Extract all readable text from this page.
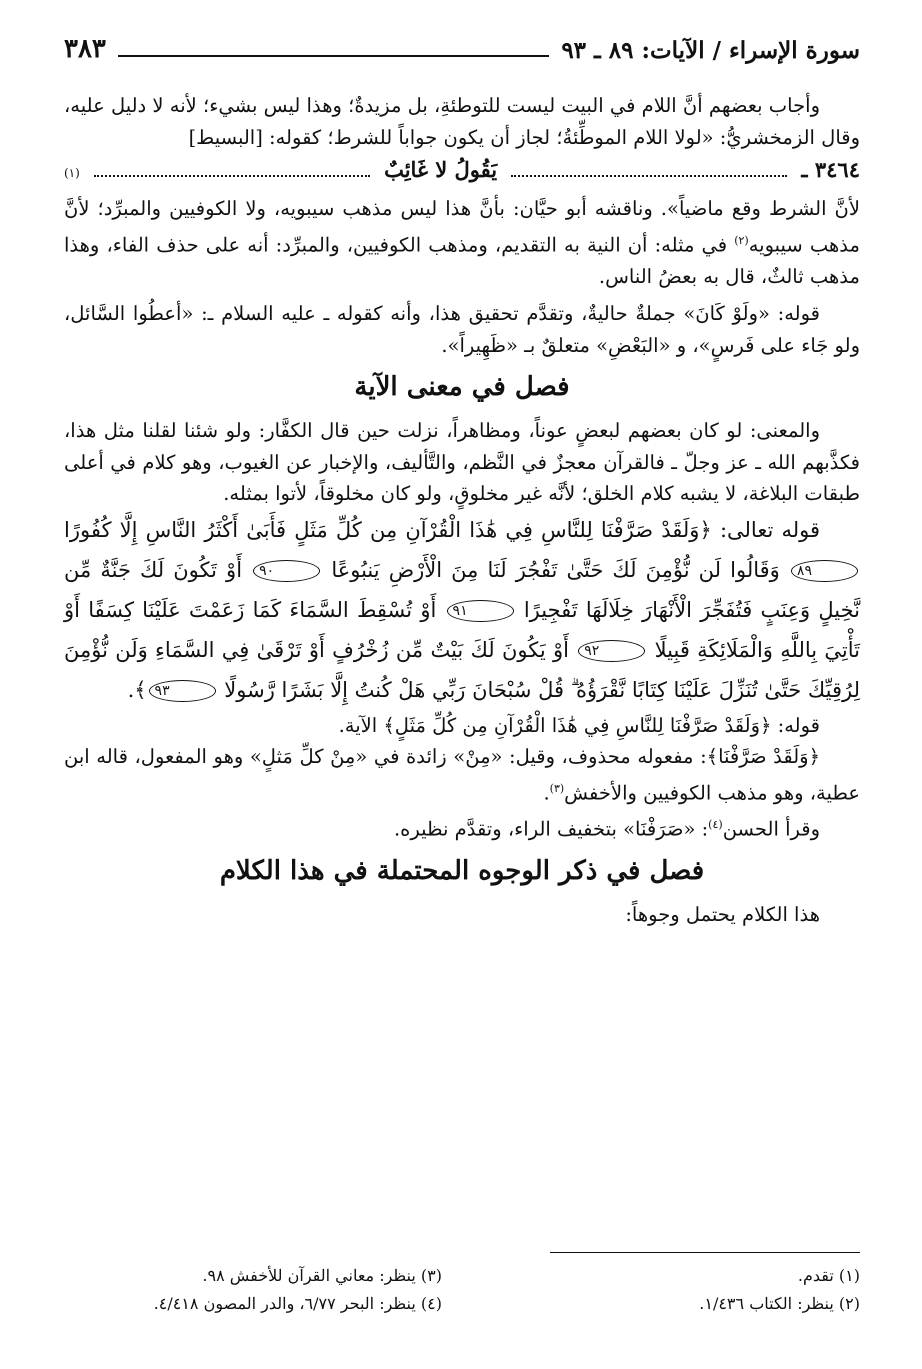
سورة الإسراء / الآيات: ٨٩ ـ ٩٣
٣٨٣

وأجاب بعضهم أنَّ اللام في البيت ليست للتوطئةِ، بل مزيدةٌ؛ وهذا ليس بشيء؛ لأنه لا دليل عليه، وقال الزمخشريُّ: «لولا اللام الموطِّئةُ؛ لجاز أن يكون جواباً للشرط؛ كقوله: [البسيط]

٣٤٦٤ ـ
يَقُولُ لا غَائِبٌ
(١)

لأنَّ الشرط وقع ماضياً». وناقشه أبو حيَّان: بأنَّ هذا ليس مذهب سيبويه، ولا الكوفيين والمبرِّد؛ لأنَّ مذهب سيبويه$^{(٢)}$ في مثله: أن النية به التقديم، ومذهب الكوفيين، والمبرِّد: أنه على حذف الفاء، وهذا مذهب ثالثٌ، قال به بعضُ الناس.

قوله: «ولَوْ كَانَ» جملةٌ حاليةٌ، وتقدَّم تحقيق هذا، وأنه كقوله ـ عليه السلام ـ: «أعطُوا السَّائل، ولو جَاء على فَرسٍ»، و «البَعْضِ» متعلقٌ بـ «ظَهِيراً».

فصل في معنى الآية

والمعنى: لو كان بعضهم لبعضٍ عوناً، ومظاهراً، نزلت حين قال الكفَّار: ولو شئنا لقلنا مثل هذا، فكذَّبهم الله ـ عز وجلّ ـ فالقرآن معجزٌ في النَّظم، والتَّأليف، والإخبار عن الغيوب، وهو كلام في أعلى طبقات البلاغة، لا يشبه كلام الخلق؛ لأنَّه غير مخلوقٍ، ولو كان مخلوقاً، لأتوا بمثله.

قوله تعالى: ﴿وَلَقَدْ صَرَّفْنَا لِلنَّاسِ فِي هَٰذَا الْقُرْآنِ مِن كُلِّ مَثَلٍ فَأَبَىٰ أَكْثَرُ النَّاسِ إِلَّا كُفُورًا ٨٩ وَقَالُوا لَن نُّؤْمِنَ لَكَ حَتَّىٰ تَفْجُرَ لَنَا مِنَ الْأَرْضِ يَنبُوعًا ٩٠ أَوْ تَكُونَ لَكَ جَنَّةٌ مِّن نَّخِيلٍ وَعِنَبٍ فَتُفَجِّرَ الْأَنْهَارَ خِلَالَهَا تَفْجِيرًا ٩١ أَوْ تُسْقِطَ السَّمَاءَ كَمَا زَعَمْتَ عَلَيْنَا كِسَفًا أَوْ تَأْتِيَ بِاللَّهِ وَالْمَلَائِكَةِ قَبِيلًا ٩٢ أَوْ يَكُونَ لَكَ بَيْتٌ مِّن زُخْرُفٍ أَوْ تَرْقَىٰ فِي السَّمَاءِ وَلَن نُّؤْمِنَ لِرُقِيِّكَ حَتَّىٰ تُنَزِّلَ عَلَيْنَا كِتَابًا نَّقْرَؤُهُ ۗ قُلْ سُبْحَانَ رَبِّي هَلْ كُنتُ إِلَّا بَشَرًا رَّسُولًا ٩٣﴾.

قوله: ﴿وَلَقَدْ صَرَّفْنَا لِلنَّاسِ فِي هَٰذَا الْقُرْآنِ مِن كُلِّ مَثَلٍ﴾ الآية.

﴿وَلَقَدْ صَرَّفْنَا﴾: مفعوله محذوف، وقيل: «مِنْ» زائدة في «مِنْ كلِّ مَثلٍ» وهو المفعول، قاله ابن عطية، وهو مذهب الكوفيين والأخفش$^{(٣)}$.

وقرأ الحسن$^{(٤)}$: «صَرَفْنَا» بتخفيف الراء، وتقدَّم نظيره.

فصل في ذكر الوجوه المحتملة في هذا الكلام

هذا الكلام يحتمل وجوهاً:

(١) تقدم.
(٣) ينظر: معاني القرآن للأخفش ٩٨.
(٢) ينظر: الكتاب ١/٤٣٦.
(٤) ينظر: البحر ٦/٧٧، والدر المصون ٤/٤١٨.
